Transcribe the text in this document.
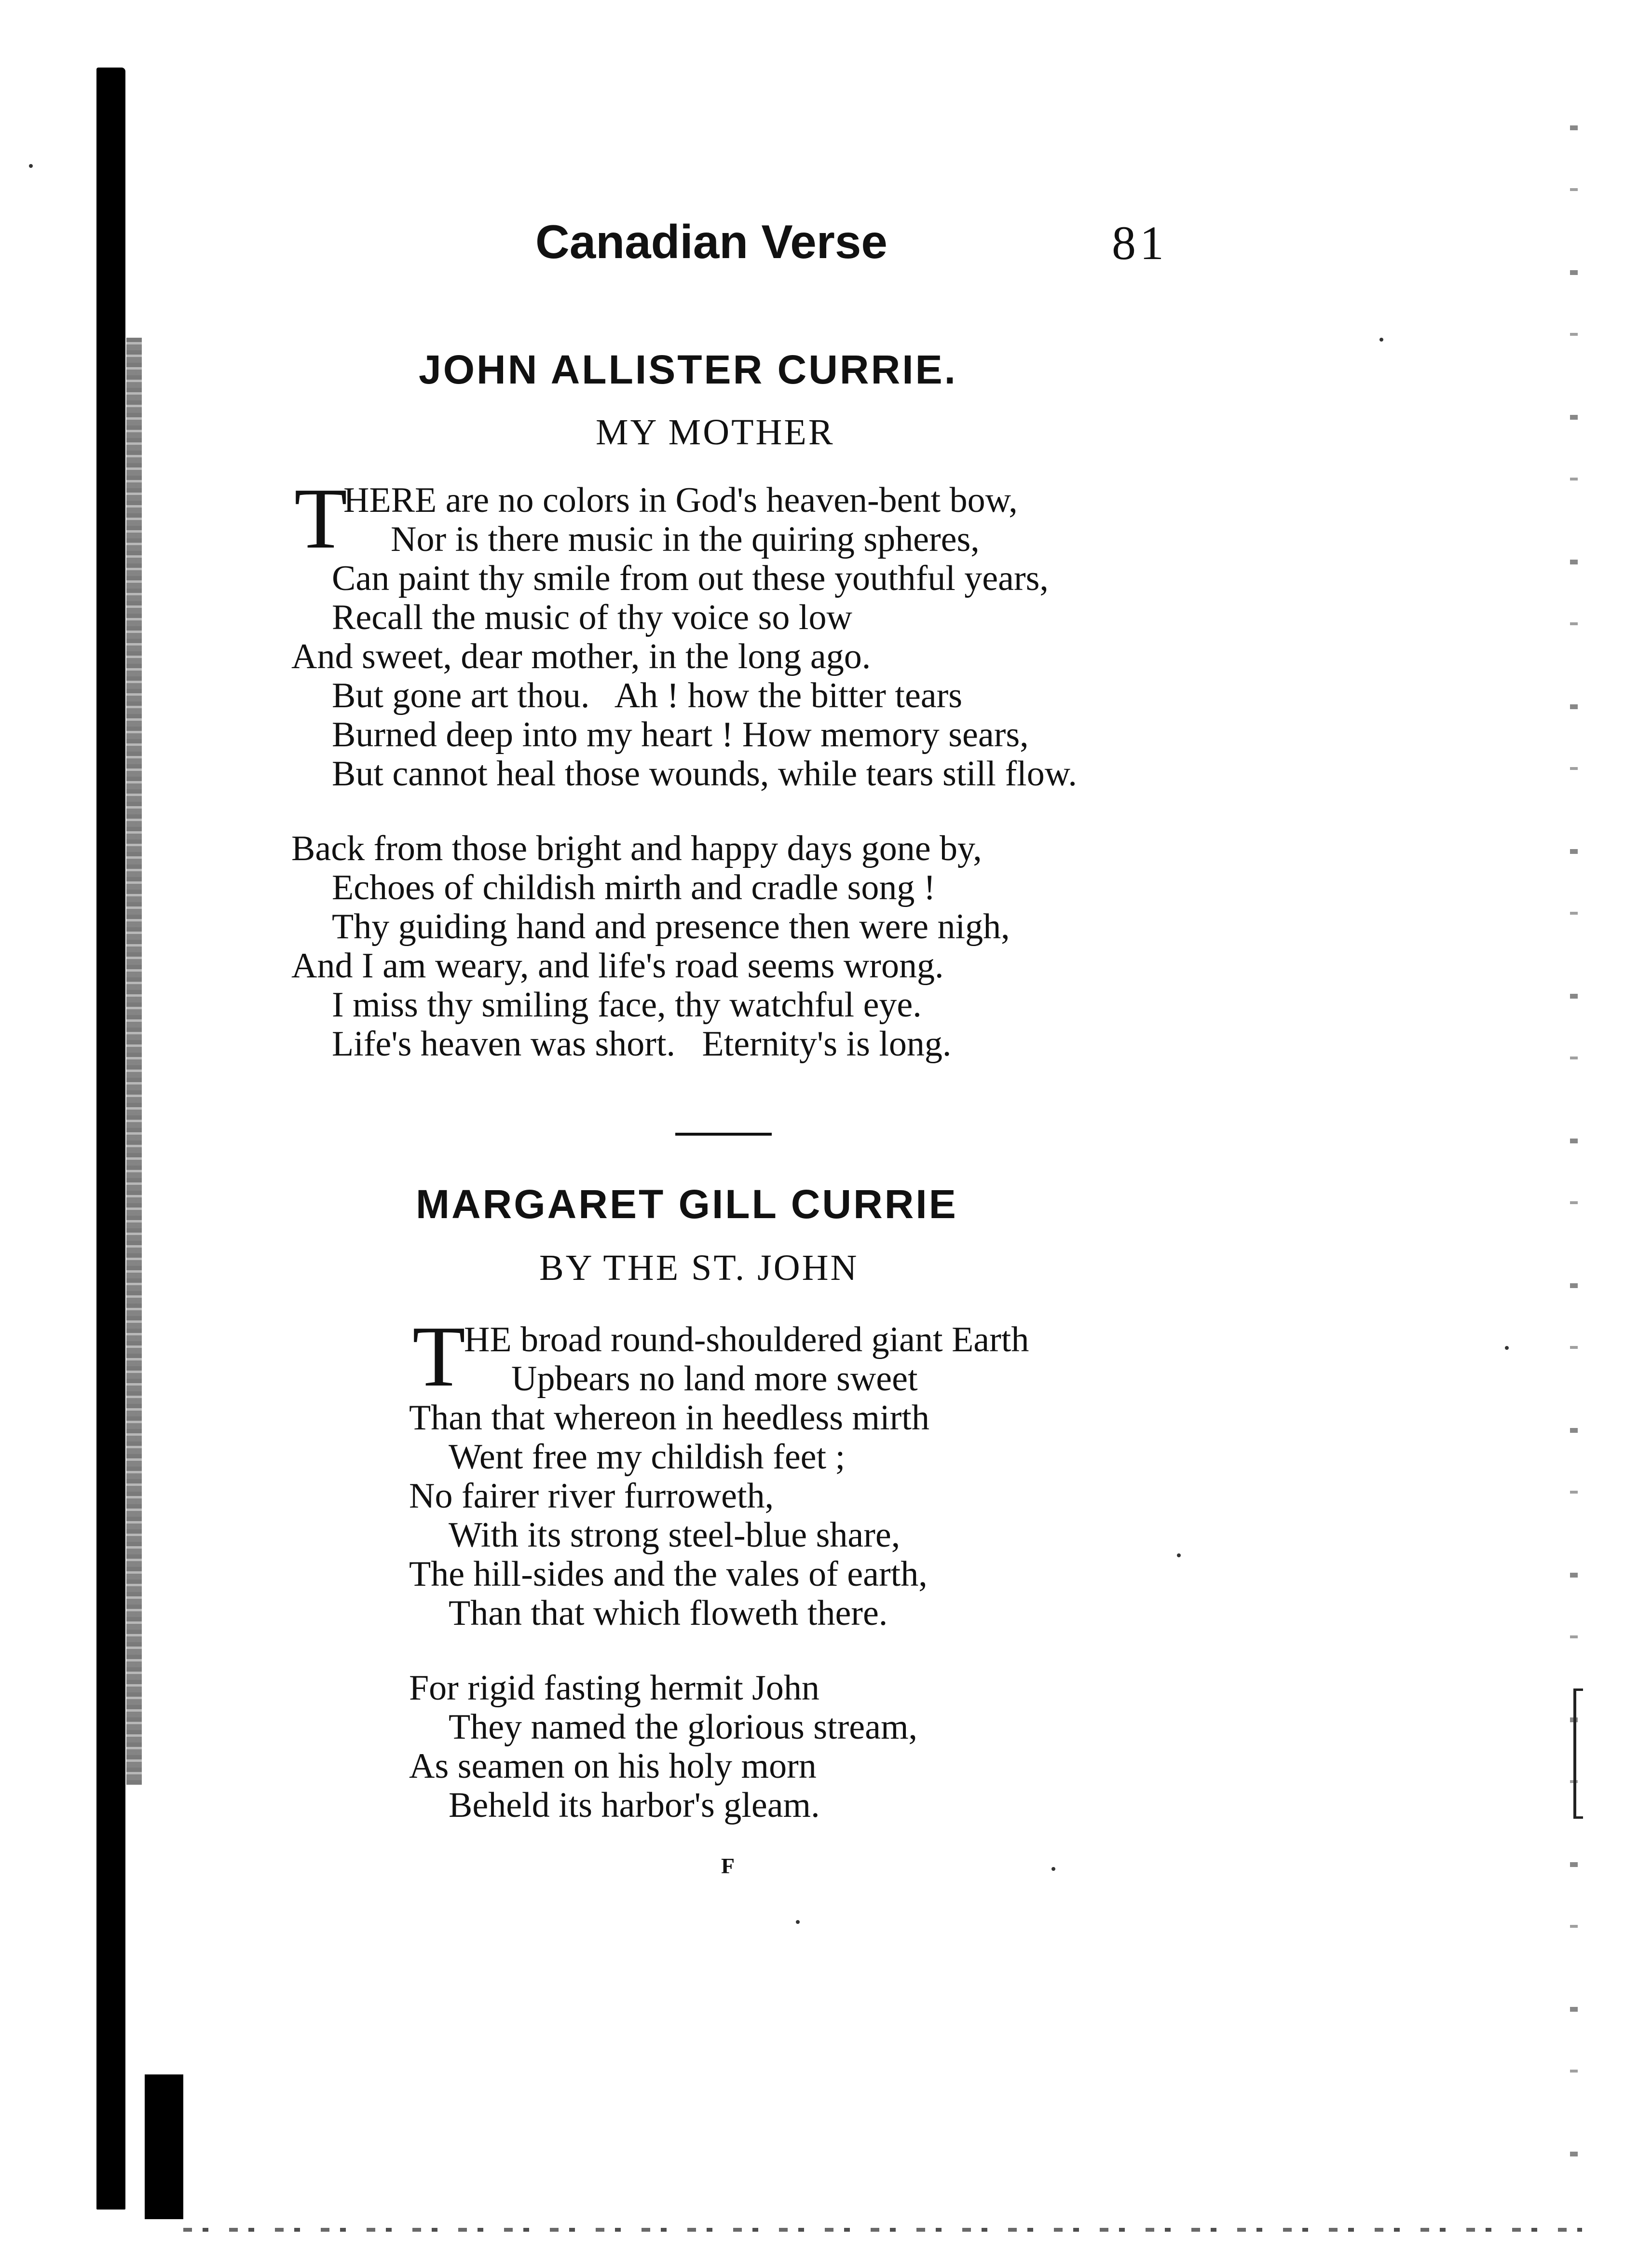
Canadian Verse	81
JOHN ALLISTER CURRIE.
MY MOTHER
T
HERE are no colors in God's heaven-bent bow,
Nor is there music in the quiring spheres,
Can paint thy smile from out these youthful years,
Recall the music of thy voice so low
And sweet, dear mother, in the long ago.
But gone art thou.   Ah ! how the bitter tears
Burned deep into my heart ! How memory sears,
But cannot heal those wounds, while tears still flow.
Back from those bright and happy days gone by,
Echoes of childish mirth and cradle song !
Thy guiding hand and presence then were nigh,
And I am weary, and life's road seems wrong.
I miss thy smiling face, thy watchful eye.
Life's heaven was short.   Eternity's is long.
MARGARET GILL CURRIE
BY THE ST. JOHN
T
HE broad round-shouldered giant Earth
Upbears no land more sweet
Than that whereon in heedless mirth
Went free my childish feet ;
No fairer river furroweth,
With its strong steel-blue share,
The hill-sides and the vales of earth,
Than that which floweth there.
For rigid fasting hermit John
They named the glorious stream,
As seamen on his holy morn
Beheld its harbor's gleam.
F
